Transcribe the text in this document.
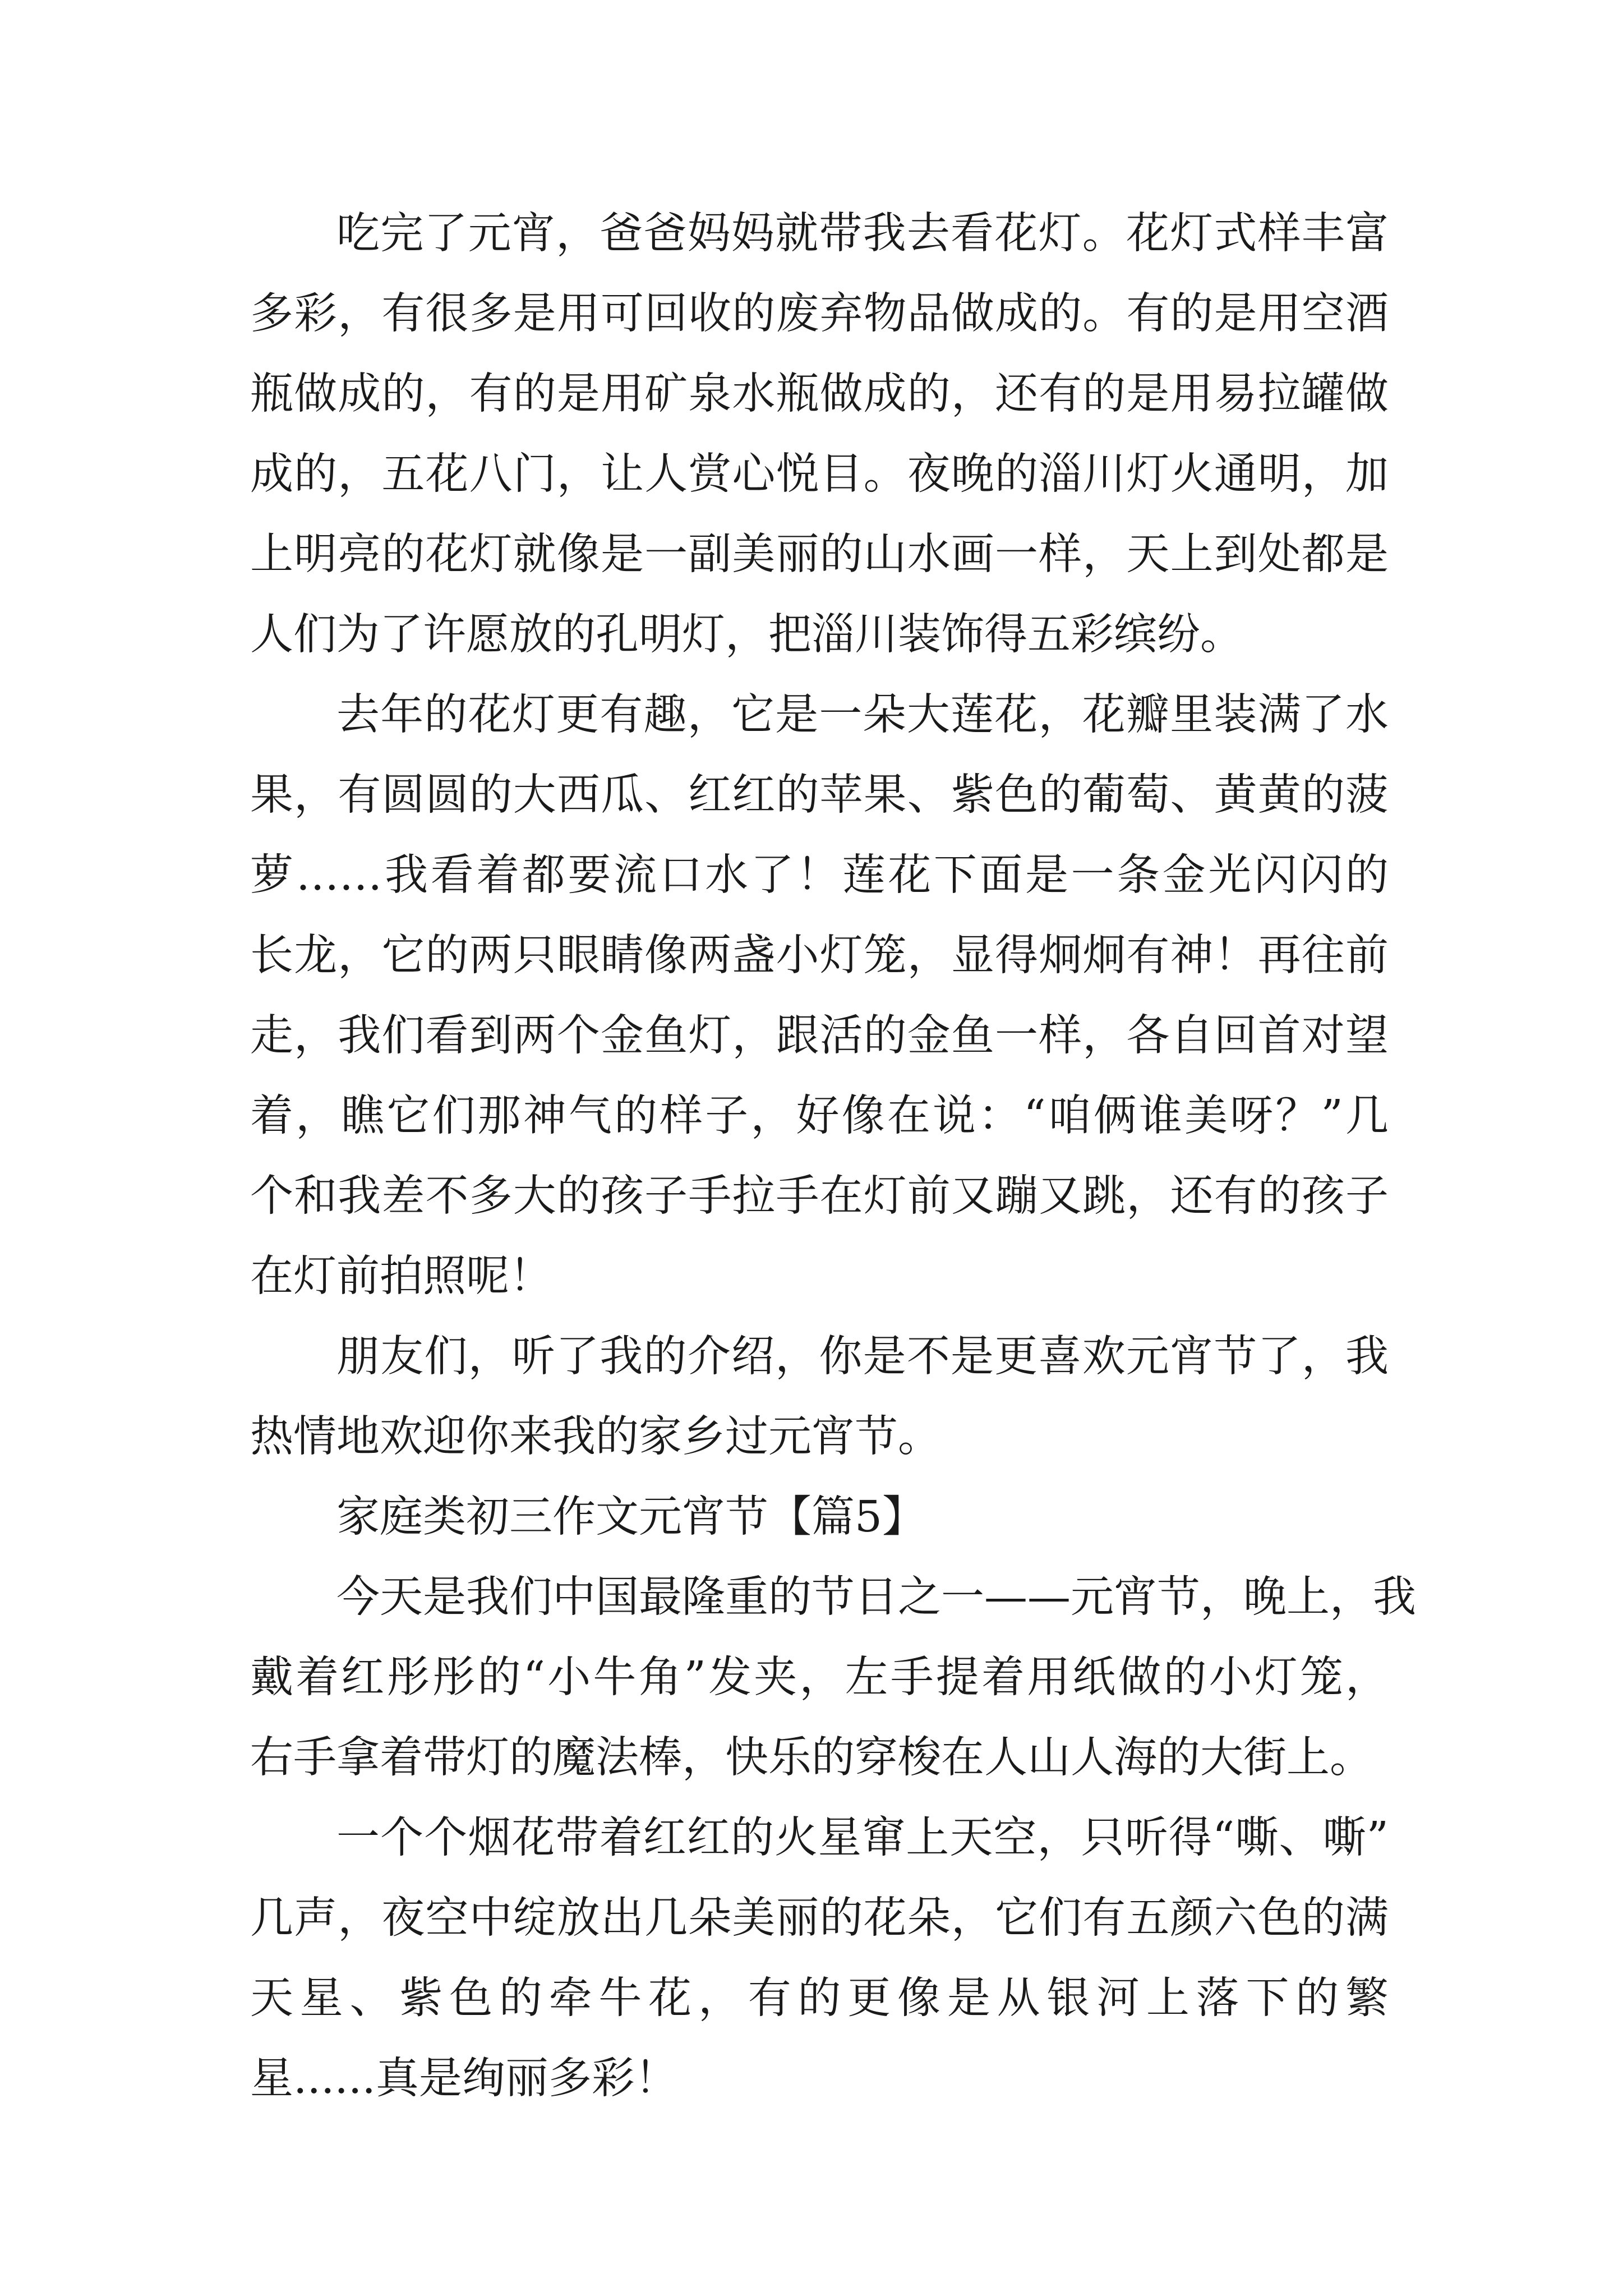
吃完了元宵，爸爸妈妈就带我去看花灯。花灯式样丰富
多彩，有很多是用可回收的废弃物品做成的。有的是用空酒
瓶做成的，有的是用矿泉水瓶做成的，还有的是用易拉罐做
成的，五花八门，让人赏心悦目。夜晚的淄川灯火通明，加
上明亮的花灯就像是一副美丽的山水画一样，天上到处都是
人们为了许愿放的孔明灯，把淄川装饰得五彩缤纷。
去年的花灯更有趣，它是一朵大莲花，花瓣里装满了水
果，有圆圆的大西瓜、红红的苹果、紫色的葡萄、黄黄的菠
萝……我看着都要流口水了！莲花下面是一条金光闪闪的
长龙，它的两只眼睛像两盏小灯笼，显得炯炯有神！再往前
走，我们看到两个金鱼灯，跟活的金鱼一样，各自回首对望
着，瞧它们那神气的样子，好像在说：“咱俩谁美呀？”几
个和我差不多大的孩子手拉手在灯前又蹦又跳，还有的孩子
在灯前拍照呢！
朋友们，听了我的介绍，你是不是更喜欢元宵节了，我
热情地欢迎你来我的家乡过元宵节。
家庭类初三作文元宵节【篇5】
今天是我们中国最隆重的节日之一——元宵节，晚上，我
戴着红彤彤的“小牛角”发夹，左手提着用纸做的小灯笼，
右手拿着带灯的魔法棒，快乐的穿梭在人山人海的大街上。
一个个烟花带着红红的火星窜上天空，只听得“嘶、嘶”
几声，夜空中绽放出几朵美丽的花朵，它们有五颜六色的满
天星、紫色的牵牛花，有的更像是从银河上落下的繁
星......真是绚丽多彩！
